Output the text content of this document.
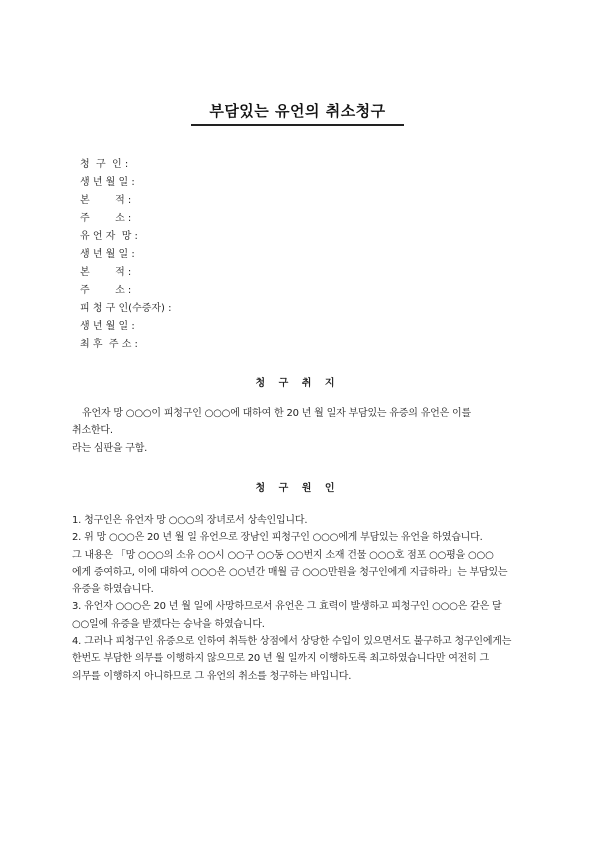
부담있는 유언의 취소청구
청  구  인 :
생 년 월 일 :
본        적 :
주        소 :
유 언 자  망 :
생 년 월 일 :
본        적 :
주        소 :
피 청 구 인(수증자) :
생 년 월 일 :
최 후  주 소 :
청 구 취 지

유언자 망 ○○○이 피청구인 ○○○에 대하여 한 20 년 월 일자 부담있는 유증의 유언은 이를 취소한다.

라는 심판을 구함.

청 구 원 인

1. 청구인은 유언자 망 ○○○의 장녀로서 상속인입니다.

2. 위 망 ○○○은 20 년 월 일 유언으로 장남인 피청구인 ○○○에게 부담있는 유언을 하였습니다.

그 내용은 「망 ○○○의 소유 ○○시 ○○구 ○○동 ○○번지 소재 건물 ○○○호 점포 ○○평을 ○○○에게 증여하고, 이에 대하여 ○○○은 ○○년간 매월 금 ○○○만원을 청구인에게 지급하라」는 부담있는 유증을 하였습니다.

3. 유언자 ○○○은 20 년 월 일에 사망하므로서 유언은 그 효력이 발생하고 피청구인 ○○○은 같은 달 ○○일에 유증을 받겠다는 승낙을 하였습니다.

4. 그러나 피청구인 유증으로 인하여 취득한 상점에서 상당한 수입이 있으면서도 불구하고 청구인에게는 한번도 부담한 의무를 이행하지 않으므로 20 년 월 일까지 이행하도록 최고하였습니다만 여전히 그 의무를 이행하지 아니하므로 그 유언의 취소를 청구하는 바입니다.
